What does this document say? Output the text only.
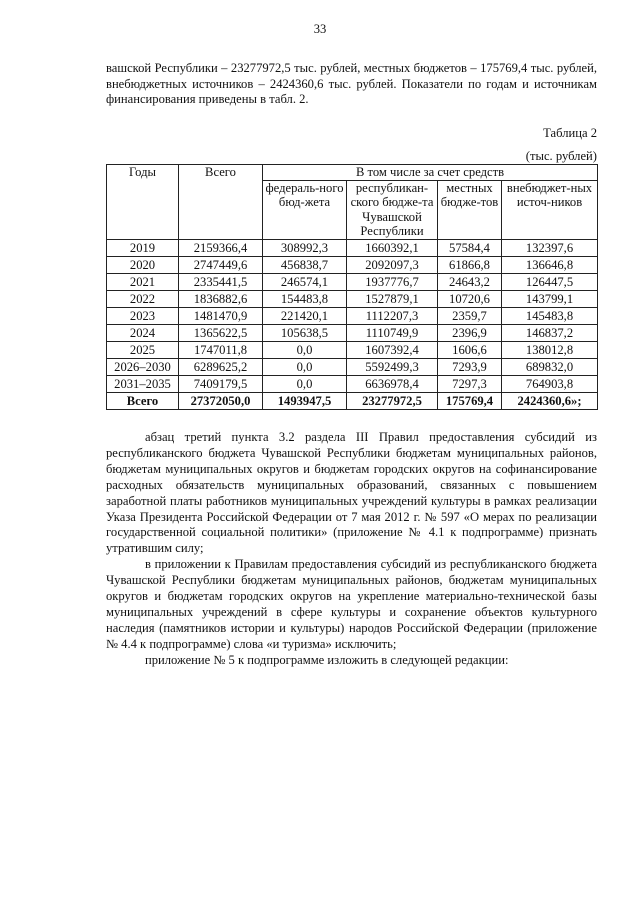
33

вашской Республики – 23277972,5 тыс. рублей, местных бюджетов – 175769,4 тыс. рублей, внебюджетных источников – 2424360,6 тыс. рублей. Показатели по годам и источникам финансирования приведены в табл. 2.

Таблица 2
(тыс. рублей)
Годы	Всего	В том числе за счет средств			
		федераль-ного бюд-жета	республикан-ского бюдже-та Чувашской Республики	местных бюдже-тов	внебюджет-ных источ-ников
2019	2159366,4	308992,3	1660392,1	57584,4	132397,6
2020	2747449,6	456838,7	2092097,3	61866,8	136646,8
2021	2335441,5	246574,1	1937776,7	24643,2	126447,5
2022	1836882,6	154483,8	1527879,1	10720,6	143799,1
2023	1481470,9	221420,1	1112207,3	2359,7	145483,8
2024	1365622,5	105638,5	1110749,9	2396,9	146837,2
2025	1747011,8	0,0	1607392,4	1606,6	138012,8
2026–2030	6289625,2	0,0	5592499,3	7293,9	689832,0
2031–2035	7409179,5	0,0	6636978,4	7297,3	764903,8
Всего	27372050,0	1493947,5	23277972,5	175769,4	2424360,6»;

абзац третий пункта 3.2 раздела III Правил предоставления субсидий из республиканского бюджета Чувашской Республики бюджетам муниципальных районов, бюджетам муниципальных округов и бюджетам городских округов на софинансирование расходных обязательств муниципальных образований, связанных с повышением заработной платы работников муниципальных учреждений культуры в рамках реализации Указа Президента Российской Федерации от 7 мая 2012 г. № 597 «О мерах по реализации государственной социальной политики» (приложение № 4.1 к подпрограмме) признать утратившим силу;

в приложении к Правилам предоставления субсидий из республиканского бюджета Чувашской Республики бюджетам муниципальных районов, бюджетам муниципальных округов и бюджетам городских округов на укрепление материально-технической базы муниципальных учреждений в сфере культуры и сохранение объектов культурного наследия (памятников истории и культуры) народов Российской Федерации (приложение № 4.4 к подпрограмме) слова «и туризма» исключить;

приложение № 5 к подпрограмме изложить в следующей редакции:
